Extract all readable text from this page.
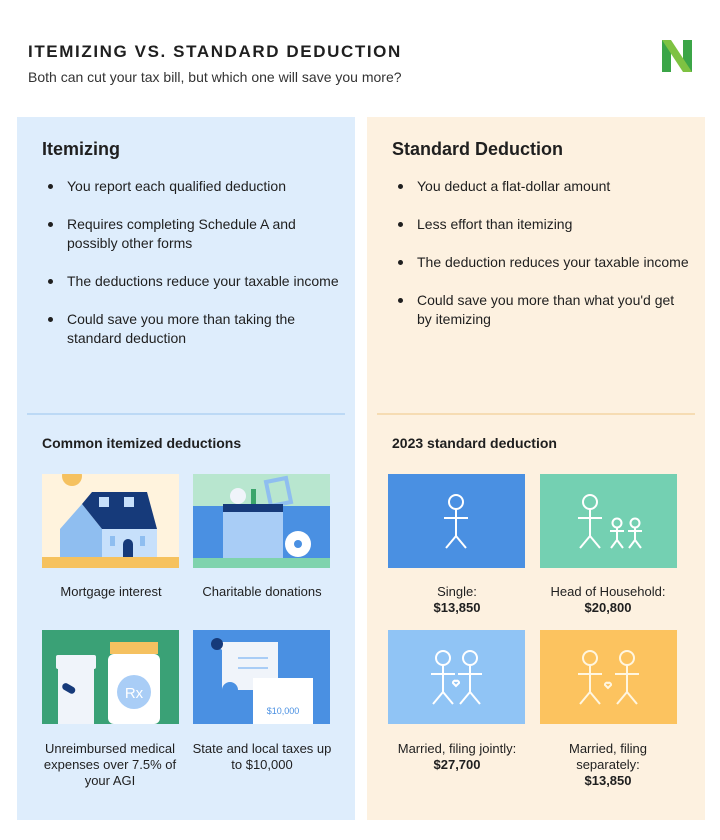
ITEMIZING VS. STANDARD DEDUCTION
Both can cut your tax bill, but which one will save you more?
Itemizing
You report each qualified deduction
Requires completing Schedule A and possibly other forms
The deductions reduce your taxable income
Could save you more than taking the standard deduction
Common itemized deductions
Rx
$10,000
Mortgage interest	Charitable donations
Unreimbursed medical expenses over 7.5% of your AGI
State and local taxes up to $10,000
Standard Deduction
You deduct a flat-dollar amount
Less effort than itemizing
The deduction reduces your taxable income
Could save you more than what you'd get by itemizing
2023 standard deduction
Single:
$13,850
Head of Household:
$20,800
Married, filing jointly:
$27,700
Married, filing separately:
$13,850
